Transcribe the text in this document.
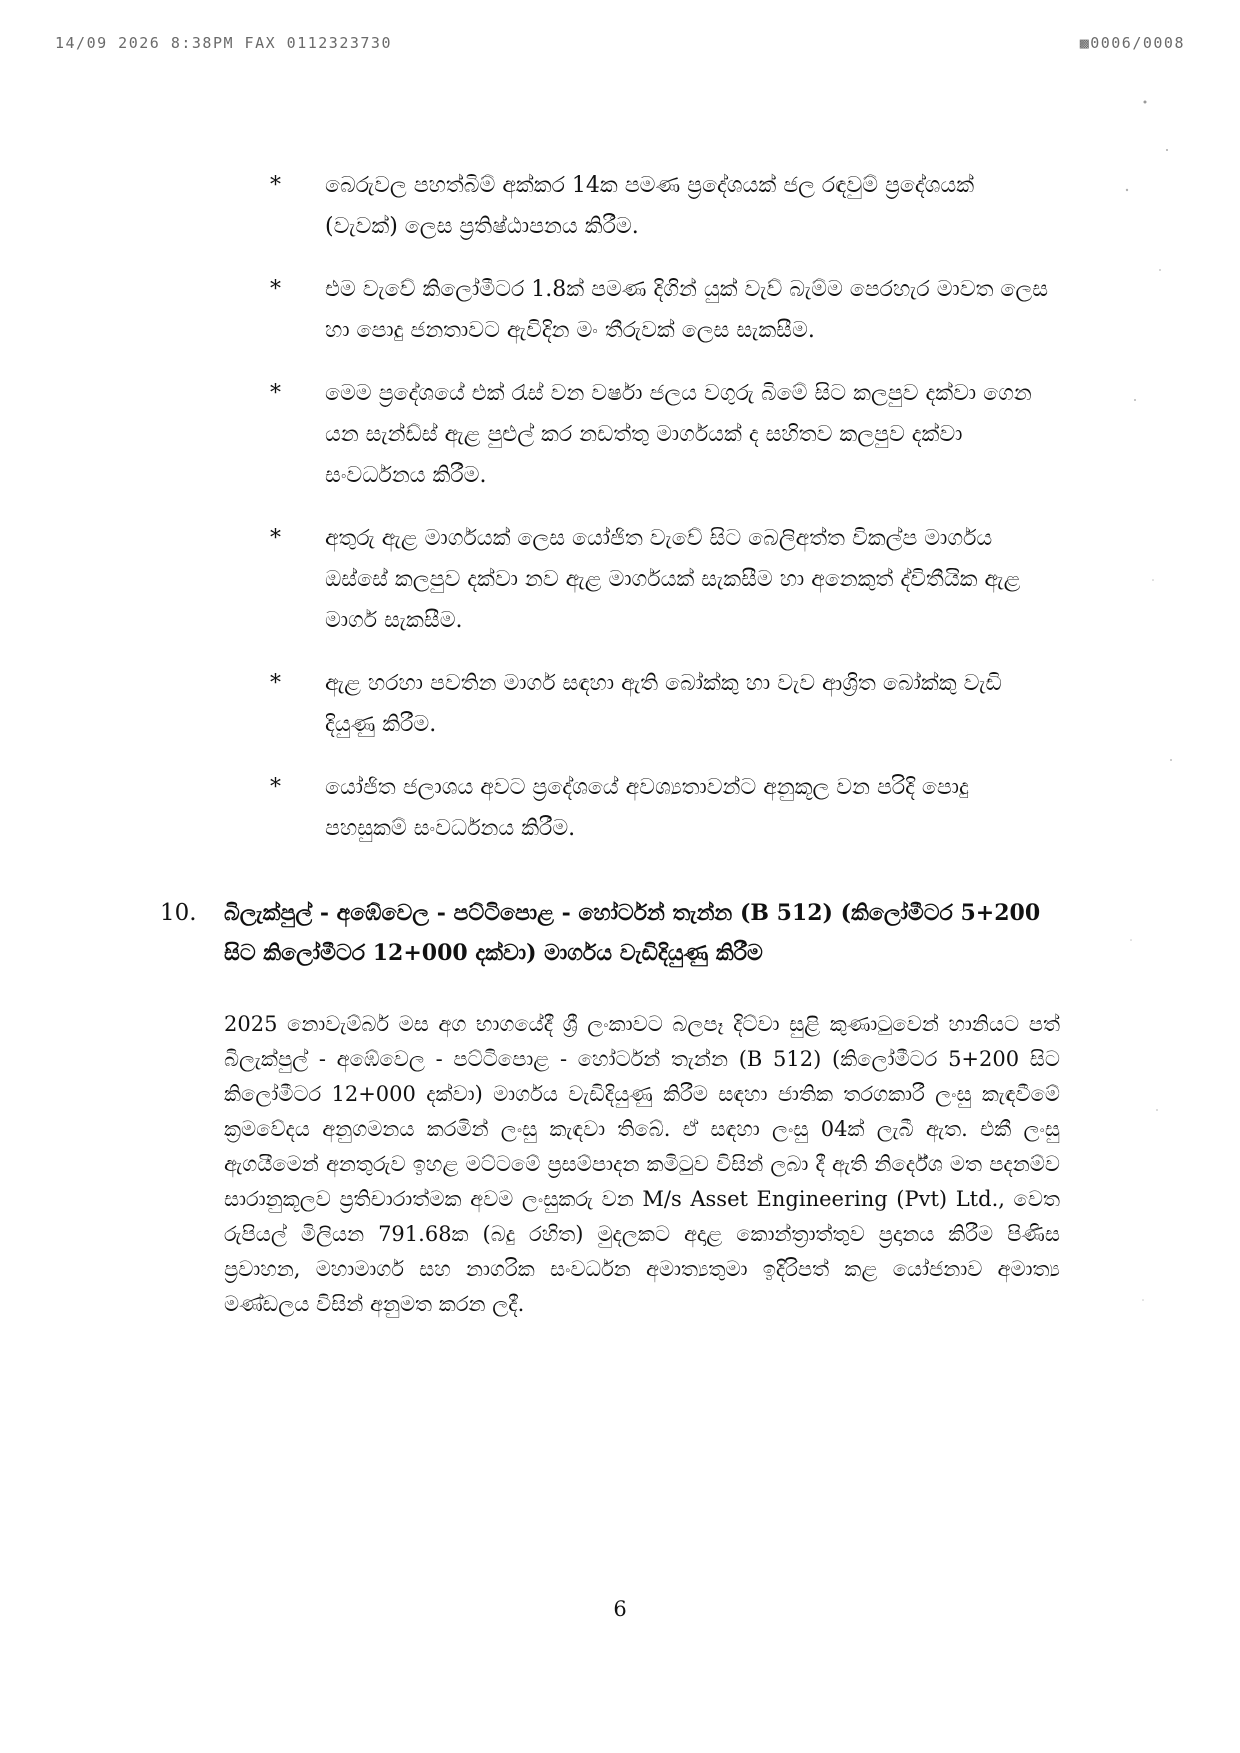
14/09 2026 8:38PM FAX 0112323730	▩0006/0008
* බෙරුවල පහත්බිම් අක්කර 14ක පමණ ප්‍රදේශයක් ජල රඳවුම් ප්‍රදේශයක් (වැවක්) ලෙස ප්‍රතිෂ්ඨාපනය කිරීම.
* එම වැවේ කිලෝමීටර 1.8ක් පමණ දිගින් යුක් වැව් බැම්ම පෙරහැර මාවත ලෙස හා පොදු ජනතාවට ඇවිදින මං තීරුවක් ලෙස සැකසීම.
* මෙම ප්‍රදේශයේ එක් රැස් වන වර්ෂා ජලය වගුරු බිමේ සිට කලපුව දක්වා ගෙන යන සැන්ඩ්ස් ඇළ පුළුල් කර නඩත්තු මාර්ගයක් ද සහිතව කලපුව දක්වා සංවර්ධනය කිරීම.
* අතුරු ඇළ මාර්ගයක් ලෙස යෝජිත වැවේ සිට බෙලිඅත්ත විකල්ප මාර්ගය ඔස්සේ කලපුව දක්වා නව ඇළ මාර්ගයක් සැකසීම හා අනෙකුත් ද්විතීයික ඇළ මාර්ග සැකසීම.
* ඇළ හරහා පවතින මාර්ග සඳහා ඇති බෝක්කු හා වැව ආශ්‍රිත බෝක්කු වැඩි දියුණු කිරීම.
* යෝජිත ජලාශය අවට ප්‍රදේශයේ අවශ්‍යතාවන්ට අනුකූල වන පරිදි පොදු පහසුකම් සංවර්ධනය කිරීම.
10. බිලැක්පුල් - අඹේවෙල - පට්ටිපොළ - හෝර්ටන් තැන්න (B 512) (කිලෝමීටර 5+200 සිට කිලෝමීටර 12+000 දක්වා) මාර්ගය වැඩිදියුණු කිරීම
2025 නොවැම්බර් මස අග භාගයේදී ශ්‍රී ලංකාවට බලපෑ දිට්වා සුළි කුණාටුවෙන් හානියට පත් බිලැක්පුල් - අඹේවෙල - පට්ටිපොළ - හෝර්ටන් තැන්න (B 512) (කිලෝමීටර 5+200 සිට කිලෝමීටර 12+000 දක්වා) මාර්ගය වැඩිදියුණු කිරීම සඳහා ජාතික තරගකාරී ලංසු කැඳවීමේ ක්‍රමවේදය අනුගමනය කරමින් ලංසු කැඳවා තිබේ. ඒ සඳහා ලංසු 04ක් ලැබී ඇත. එකී ලංසු ඇගයීමෙන් අනතුරුව ඉහළ මට්ටමේ ප්‍රසම්පාදන කමිටුව විසින් ලබා දී ඇති නිර්දේශ මත පදනම්ව සාරානුකූලව ප්‍රතිචාරාත්මක අවම ලංසුකරු වන M/s Asset Engineering (Pvt) Ltd., වෙත රුපියල් මිලියන 791.68ක (බදු රහිත) මුදලකට අදාළ කොන්ත්‍රාත්තුව ප්‍රදානය කිරීම පිණිස ප්‍රවාහන, මහාමාර්ග සහ නාගරික සංවර්ධන අමාත්‍යතුමා ඉදිරිපත් කළ යෝජනාව අමාත්‍ය මණ්ඩලය විසින් අනුමත කරන ලදී.
6
